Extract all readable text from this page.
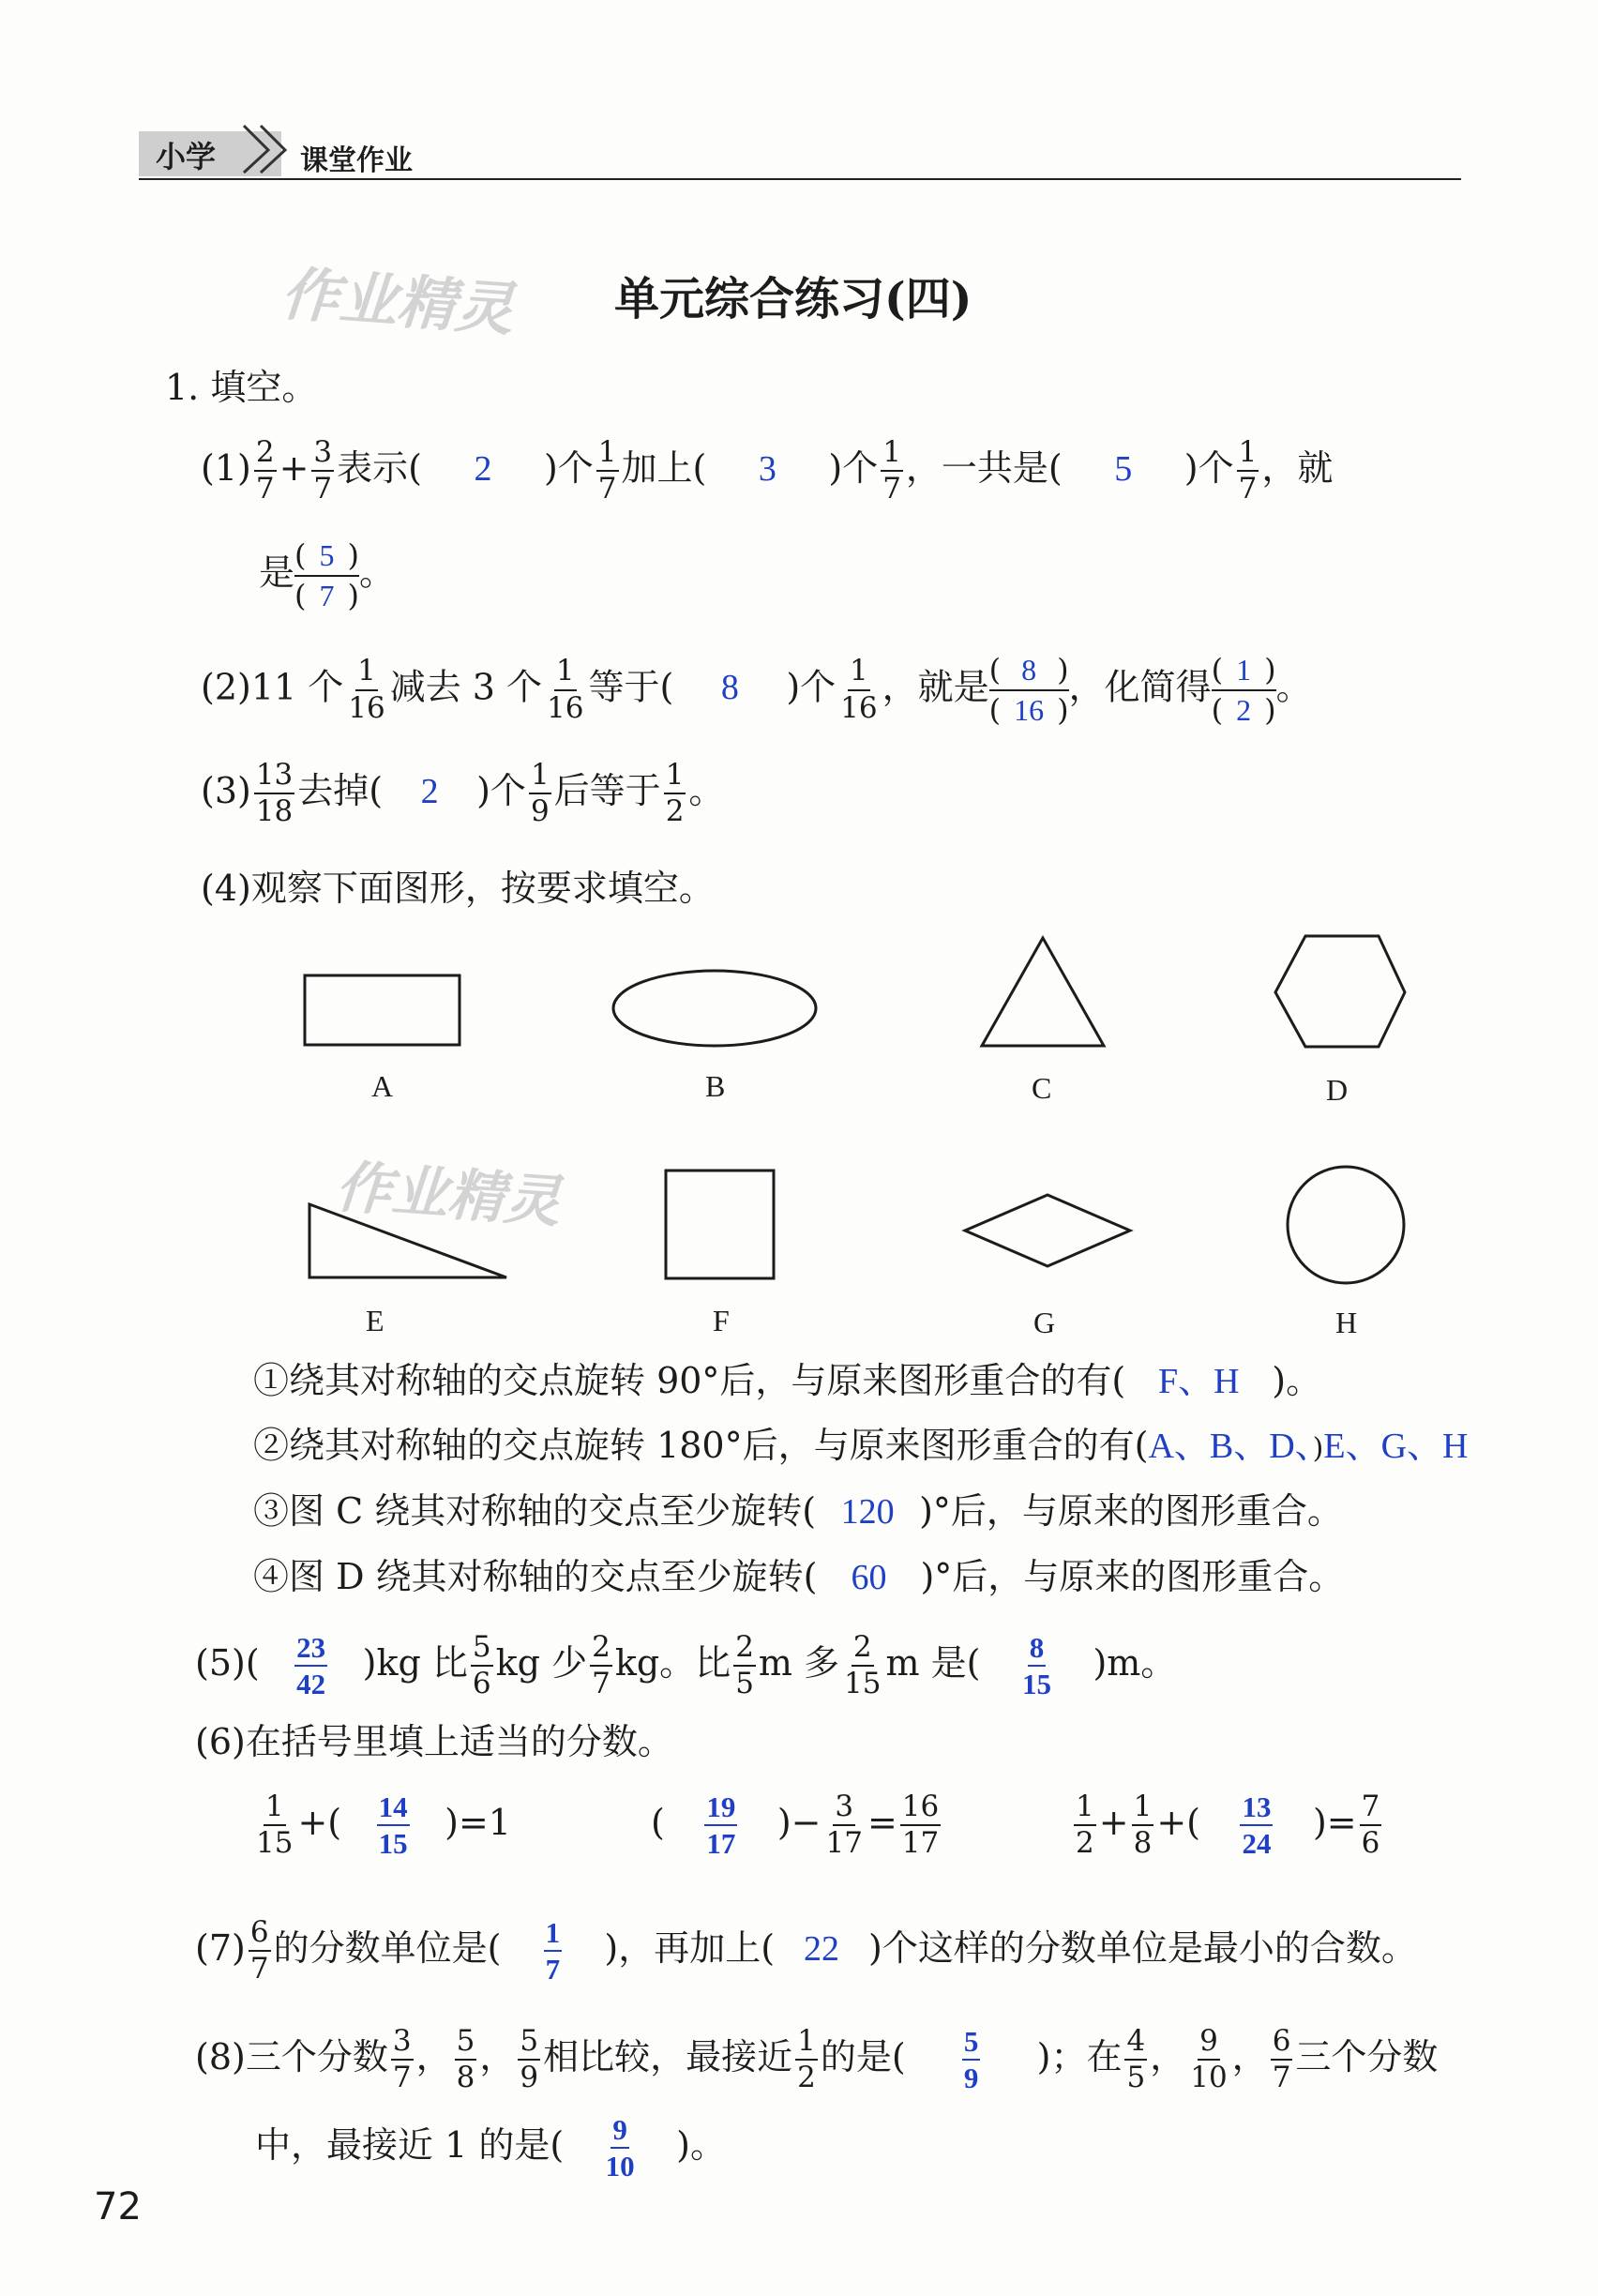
小学	课堂作业
作业精灵 单元综合练习(四)
1. 填空。
$(1) \frac{2}{7} + \frac{3}{7}$ 表示( 2 )个 $\frac{1}{7}$ 加上( 3 )个 $\frac{1}{7}$ ，一共是( 5 )个 $\frac{1}{7}$ ，就
是 $\frac{( 5 )}{( 7 )}$ 。
(2)11 个 $\frac{1}{16}$ 减去 3 个 $\frac{1}{16}$ 等于( 8 )个 $\frac{1}{16}$ ，就是 $\frac{( 8 )}{( 16 )}$ ，化简得 $\frac{( 1 )}{( 2 )}$ 。
$(3) \frac{13}{18}$ 去掉( 2 )个 $\frac{1}{9}$ 后等于 $\frac{1}{2}$ 。
(4)观察下面图形，按要求填空。
A	B	C	D
E	F	G	H
作业精灵
①绕其对称轴的交点旋转 90°后，与原来图形重合的有( F、H )。
②绕其对称轴的交点旋转 180°后，与原来图形重合的有(A、B、D、)E、G、H
③图 C 绕其对称轴的交点至少旋转( 120 )°后，与原来的图形重合。
④图 D 绕其对称轴的交点至少旋转( 60 )°后，与原来的图形重合。
$(5)( \frac{23}{42} )kg$ 比 $\frac{5}{6}$ kg 少 $\frac{2}{7}$ kg。比 $\frac{2}{5}$ m 多 $\frac{2}{15}$ m 是( $\frac{8}{15} )m$。
(6)在括号里填上适当的分数。
$\frac{1}{15}$ +( $\frac{14}{15} )=1$	( $\frac{19}{17}$ )− $\frac{3}{17} = \frac{16}{17}$	$\frac{1}{2} + \frac{1}{8}$ +( $\frac{13}{24}$ )= $\frac{7}{6}$
$(7) \frac{6}{7}$ 的分数单位是( $\frac{1}{7}$ )，再加上( 22 )个这样的分数单位是最小的合数。
(8)三个分数 $\frac{3}{7}$ ， $\frac{5}{8}$ ， $\frac{5}{9}$ 相比较，最接近 $\frac{1}{2}$ 的是( $\frac{5}{9}$ )；在 $\frac{4}{5}$ ， $\frac{9}{10}$ ， $\frac{6}{7}$ 三个分数
中，最接近 1 的是( $\frac{9}{10}$ )。
72
